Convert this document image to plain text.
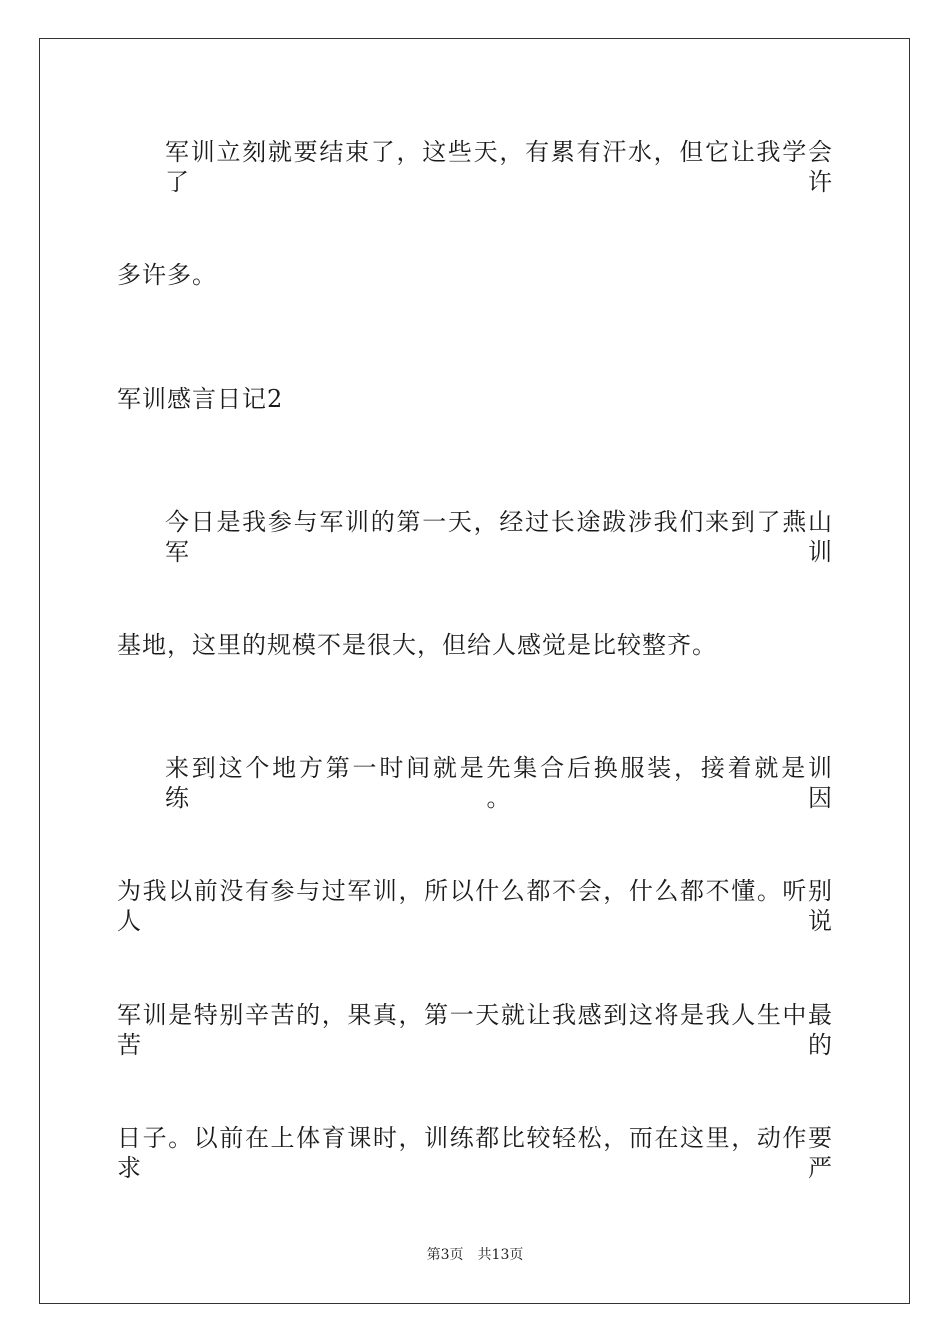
军训立刻就要结束了，这些天，有累有汗水，但它让我学会了许
多许多。
军训感言日记2
今日是我参与军训的第一天，经过长途跋涉我们来到了燕山军训
基地，这里的规模不是很大，但给人感觉是比较整齐。
来到这个地方第一时间就是先集合后换服装，接着就是训练。因
为我以前没有参与过军训，所以什么都不会，什么都不懂。听别人说
军训是特别辛苦的，果真，第一天就让我感到这将是我人生中最苦的
日子。以前在上体育课时，训练都比较轻松，而在这里，动作要求严
第3页 共13页
